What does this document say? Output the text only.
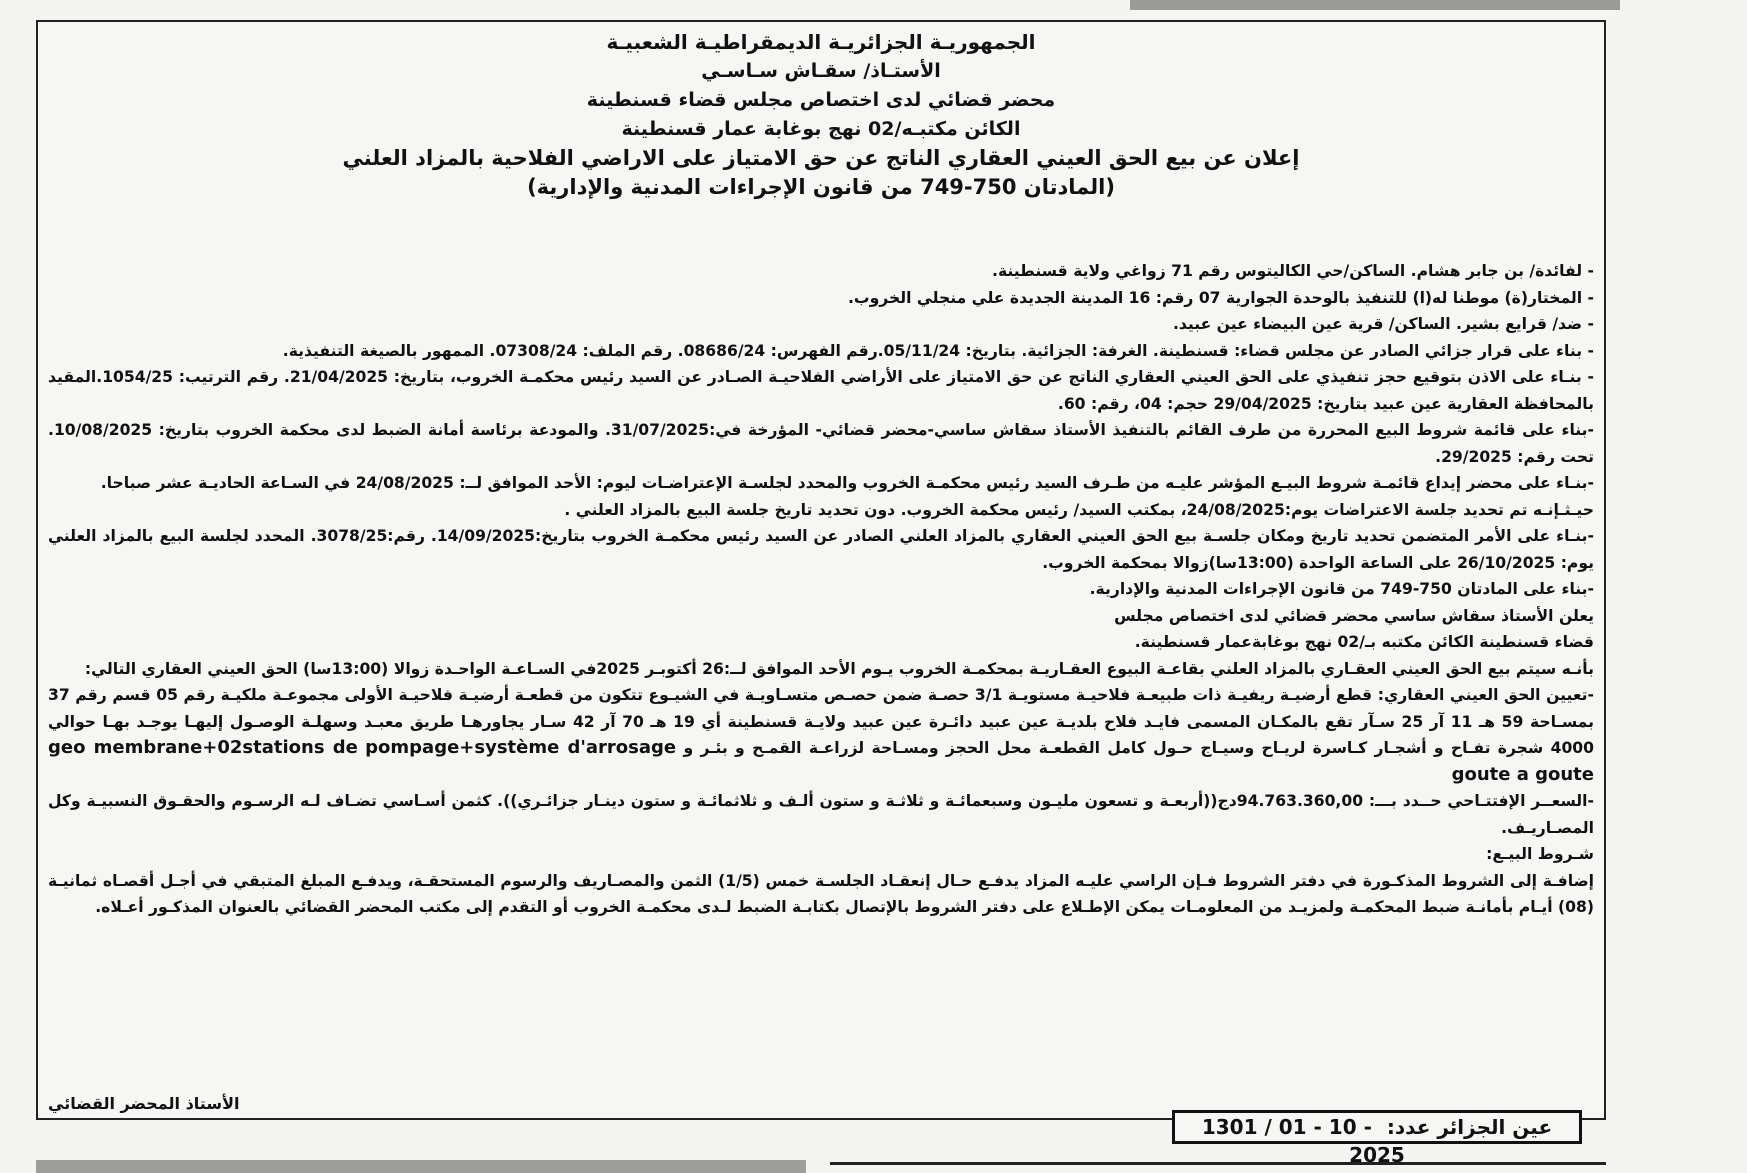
الجمهوريـة الجزائريـة الديمقراطيـة الشعبيـة
الأستـاذ/ سقـاش سـاسـي
محضر قضائي لدى اختصاص مجلس قضاء قسنطينة
الكائن مكتبـه/02 نهج بوغابة عمار قسنطينة
إعلان عن بيع الحق العيني العقاري الناتج عن حق الامتياز على الاراضي الفلاحية بالمزاد العلني
(المادتان 750-749 من قانون الإجراءات المدنية والإدارية)

- لفائدة/ بن جابر هشام. الساكن/حي الكاليتوس رقم 71 زواغي ولاية قسنطينة.

- المختار(ة) موطنا له(ا) للتنفيذ بالوحدة الجوارية 07 رقم: 16 المدينة الجديدة علي منجلي الخروب.

- ضد/ قرايع بشير. الساكن/ قرية عين البيضاء عين عبيد.

- بناء على قرار جزائي الصادر عن مجلس قضاء: قسنطينة. الغرفة: الجزائية. بتاريخ: 05/11/24.رقم الفهرس: 08686/24. رقم الملف: 07308/24. الممهور بالصيغة التنفيذية.

- بنـاء على الاذن بتوقيع حجز تنفيذي على الحق العيني العقاري الناتج عن حق الامتياز على الأراضي الفلاحيـة الصـادر عن السيد رئيس محكمـة الخروب، بتاريخ: 21/04/2025. رقم الترتيب: 1054/25.المقيد بالمحافظة العقارية عين عبيد بتاريخ: 29/04/2025 حجم: 04، رقم: 60.

-بناء على قائمة شروط البيع المحررة من طرف القائم بالتنفيذ الأستاذ سقاش ساسي-محضر قضائي- المؤرخة في:31/07/2025. والمودعة برئاسة أمانة الضبط لدى محكمة الخروب بتاريخ: 10/08/2025. تحت رقم: 29/2025.

-بنـاء على محضر إيداع قائمـة شروط البيـع المؤشر عليـه من طـرف السيد رئيس محكمـة الخروب والمحدد لجلسـة الإعتراضـات ليوم: الأحد الموافق لــ: 24/08/2025 في السـاعة الحاديـة عشر صباحا.

حيـثـإنـه تم تحديد جلسة الاعتراضات يوم:24/08/2025، بمكتب السيد/ رئيس محكمة الخروب. دون تحديد تاريخ جلسة البيع بالمزاد العلني .

-بنـاء على الأمر المتضمن تحديد تاريخ ومكان جلسـة بيع الحق العيني العقاري بالمزاد العلني الصادر عن السيد رئيس محكمـة الخروب بتاريخ:14/09/2025. رقم:3078/25. المحدد لجلسة البيع بالمزاد العلني يوم: 26/10/2025 على الساعة الواحدة (13:00سا)زوالا بمحكمة الخروب.

-بناء على المادتان 750-749 من قانون الإجراءات المدنية والإدارية.

يعلن الأستاذ سقاش ساسي محضر قضائي لدى اختصاص مجلس

قضاء قسنطينة الكائن مكتبه بـ/02 نهج بوغابةعمار قسنطينة.

بأنـه سيتم بيع الحق العيني العقـاري بالمزاد العلني بقاعـة البيوع العقـاريـة بمحكمـة الخروب يـوم الأحد الموافق لــ:26 أكتوبـر 2025في السـاعـة الواحـدة زوالا (13:00سا) الحق العيني العقاري التالي:

-تعيين الحق العيني العقاري: قطع أرضيـة ريفيـة ذات طبيعـة فلاحيـة مستويـة 3/1 حصـة ضمن حصـص متسـاويـة في الشيـوع تتكون من قطعـة أرضيـة فلاحيـة الأولى مجموعـة ملكيـة رقم 05 قسم رقم 37 بمسـاحة 59 هـ 11 آر 25 سـآر تقع بالمكـان المسمى فايـد فلاح بلديـة عين عبيد دائـرة عين عبيد ولايـة قسنطينة أي 19 هـ 70 آر 42 سـار يجاورهـا طريق معبـد وسهلـة الوصـول إليهـا يوجـد بهـا حوالي 4000 شجرة تفـاح و أشجـار كـاسرة لريـاح وسيـاج حـول كامل القطعـة محل الحجز ومسـاحة لزراعـة القمـح و بئـر و geo membrane+02stations de pompage+système d'arrosage goute a goute

-السعــر الإفتتـاحي حــدد بـــ: 94.763.360,00دج((أربعـة و تسعون مليـون وسبعمائـة و ثلاثـة و ستون ألـف و ثلاثمائـة و ستون دينـار جزائـري)). كثمن أسـاسي تضـاف لـه الرسـوم والحقـوق النسبيـة وكل المصـاريـف.

شـروط البيـع:

إضافـة إلى الشروط المذكـورة في دفتر الشروط فـإن الراسي عليـه المزاد يدفـع حـال إنعقـاد الجلسـة خمس (1/5) الثمن والمصـاريف والرسوم المستحقـة، ويدفـع المبلغ المتبقي في أجـل أقصـاه ثمانيـة (08) أيـام بأمانـة ضبط المحكمـة ولمزيـد من المعلومـات يمكن الإطـلاع على دفتر الشروط بالإتصال بكتابـة الضبط لـدى محكمـة الخروب أو التقدم إلى مكتب المحضر القضائي بالعنوان المذكـور أعـلاه.

الأستاذ المحضر القضائي
عين الجزائر عدد: 1301 / 01 - 10 - 2025
